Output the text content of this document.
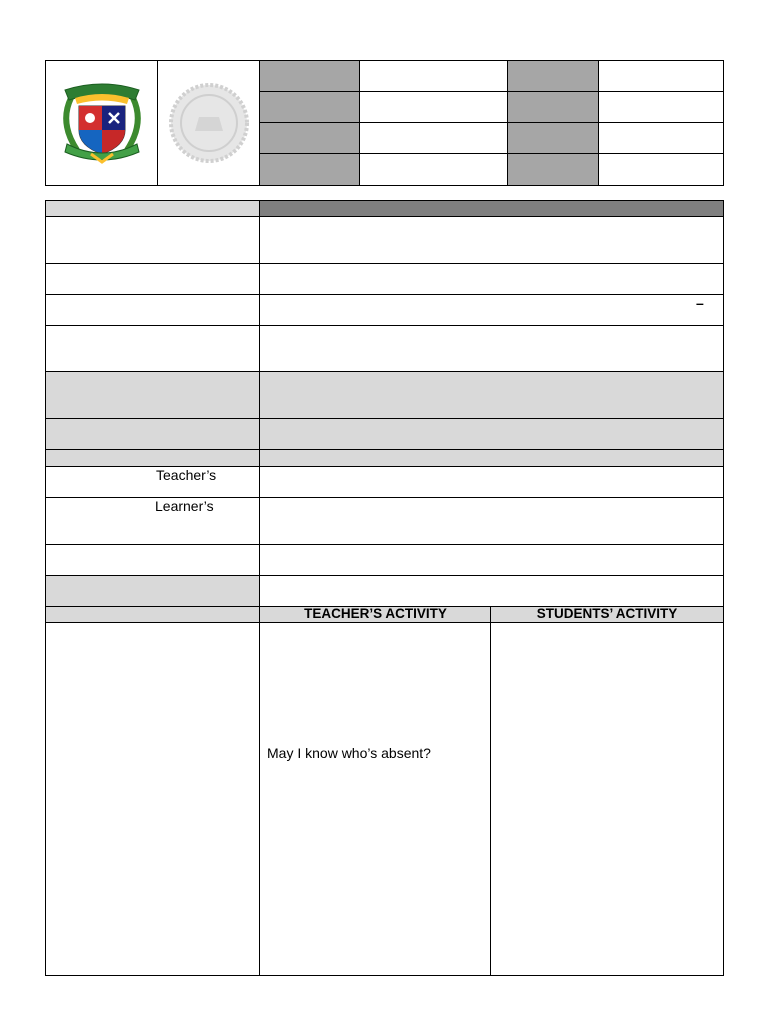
–
Teacher’s
Learner’s
TEACHER’S ACTIVITY	STUDENTS’ ACTIVITY
May I know who’s absent?
